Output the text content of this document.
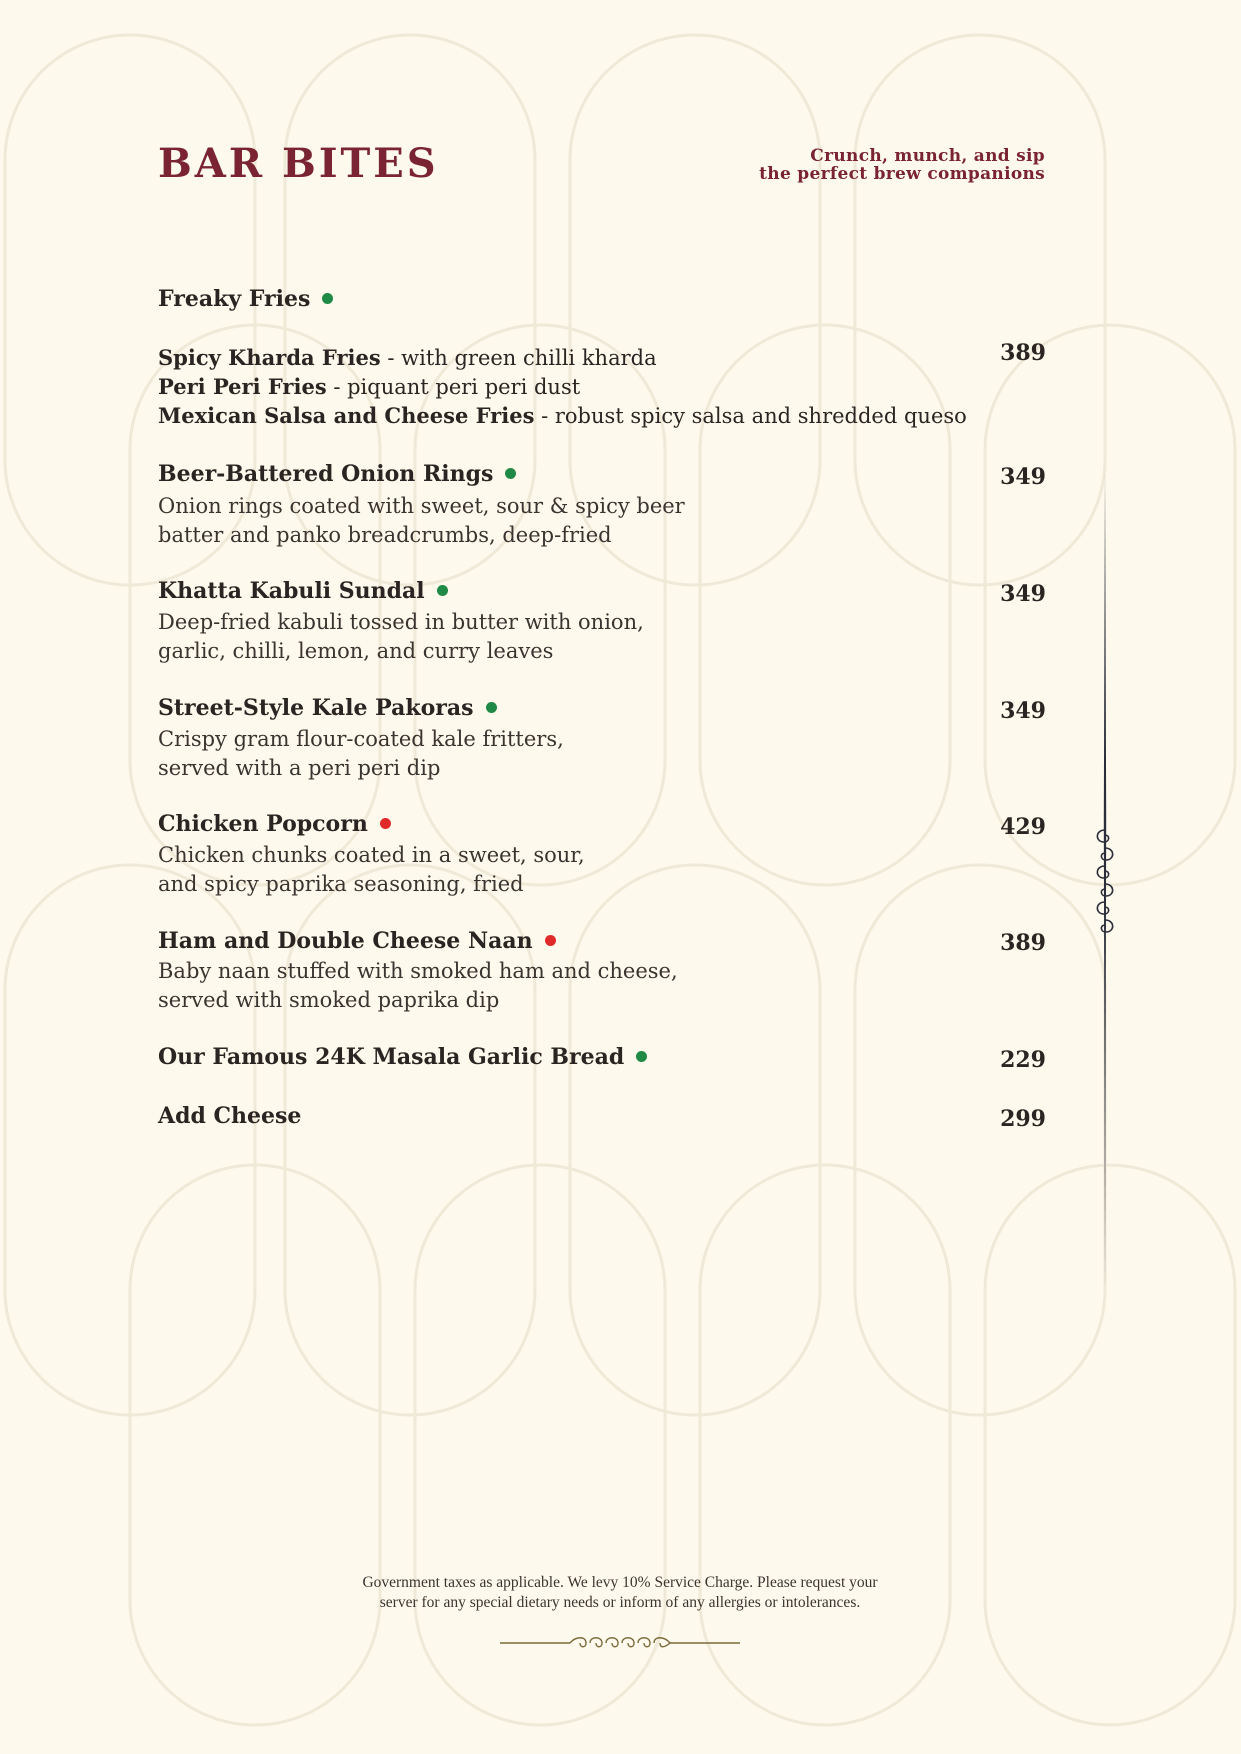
BAR BITES	Crunch, munch, and sip
the perfect brew companions
Freaky Fries
Spicy Kharda Fries - with green chilli kharda
Peri Peri Fries - piquant peri peri dust
Mexican Salsa and Cheese Fries - robust spicy salsa and shredded queso
389
Beer-Battered Onion Rings
Onion rings coated with sweet, sour & spicy beer
batter and panko breadcrumbs, deep-fried
349
Khatta Kabuli Sundal
Deep-fried kabuli tossed in butter with onion,
garlic, chilli, lemon, and curry leaves
349
Street-Style Kale Pakoras
Crispy gram flour-coated kale fritters,
served with a peri peri dip
349
Chicken Popcorn
Chicken chunks coated in a sweet, sour,
and spicy paprika seasoning, fried
429
Ham and Double Cheese Naan
Baby naan stuffed with smoked ham and cheese,
served with smoked paprika dip
389
Our Famous 24K Masala Garlic Bread	229
Add Cheese	299
Government taxes as applicable. We levy 10% Service Charge. Please request your
server for any special dietary needs or inform of any allergies or intolerances.
